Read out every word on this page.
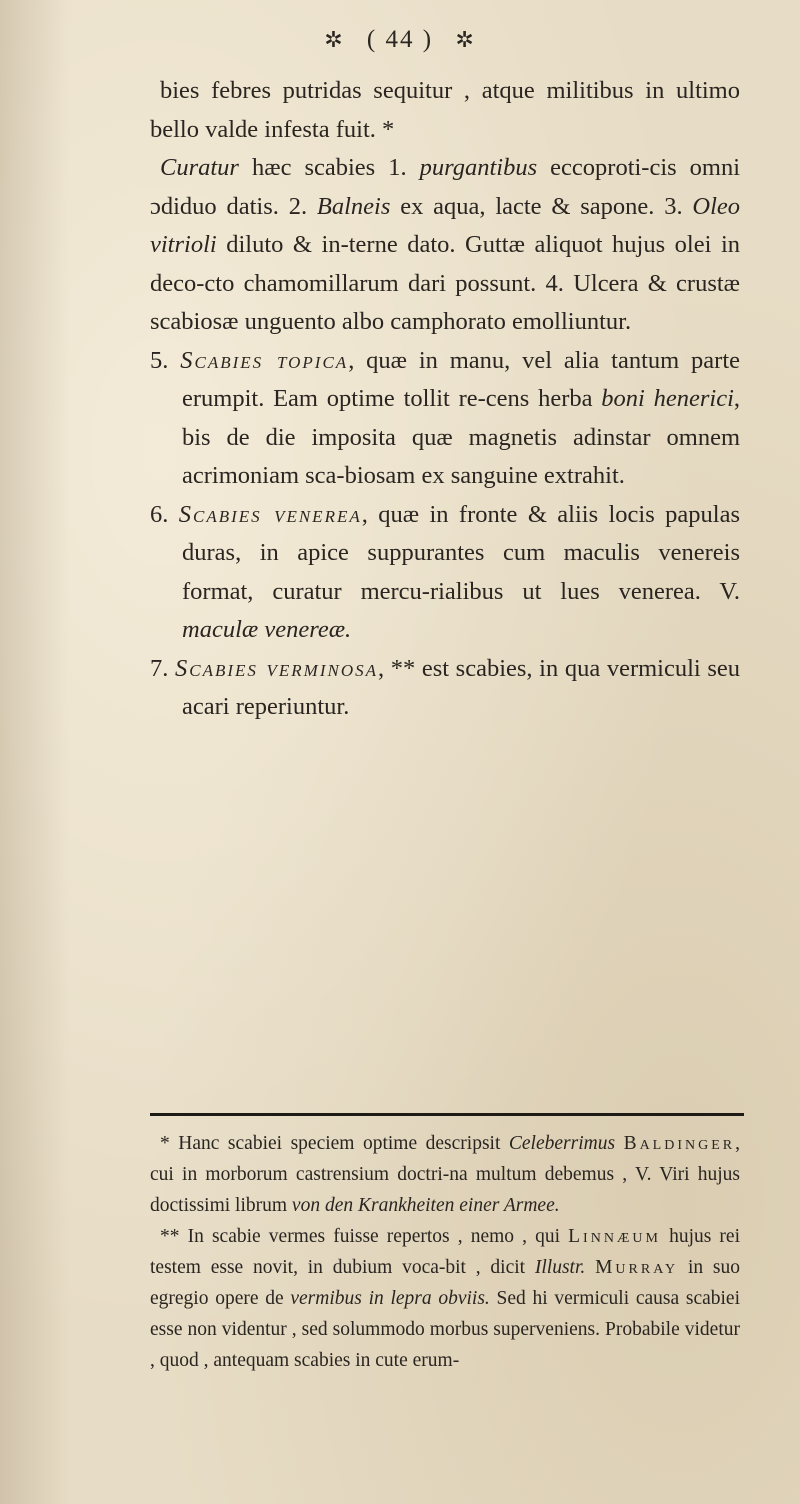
✲ ( 44 ) ✲

bies febres putridas sequitur , atque militibus in ultimo bello valde infesta fuit. *

Curatur hæc scabies 1. purgantibus eccoproti-cis omni ɔdiduo datis. 2. Balneis ex aqua, lacte & sapone. 3. Oleo vitrioli diluto & in-terne dato. Guttæ aliquot hujus olei in deco-cto chamomillarum dari possunt. 4. Ulcera & crustæ scabiosæ unguento albo camphorato emolliuntur.

5. Scabies topica, quæ in manu, vel alia tantum parte erumpit. Eam optime tollit re-cens herba boni henerici, bis de die imposita quæ magnetis adinstar omnem acrimoniam sca-biosam ex sanguine extrahit.

6. Scabies venerea, quæ in fronte & aliis locis papulas duras, in apice suppurantes cum maculis venereis format, curatur mercu-rialibus ut lues venerea. V. maculæ venereæ.

7. Scabies verminosa, ** est scabies, in qua vermiculi seu acari reperiuntur.

* Hanc scabiei speciem optime descripsit Celeberrimus Baldinger, cui in morborum castrensium doctri-na multum debemus , V. Viri hujus doctissimi librum von den Krankheiten einer Armee.

** In scabie vermes fuisse repertos , nemo , qui Linnæum hujus rei testem esse novit, in dubium voca-bit , dicit Illustr. Murray in suo egregio opere de vermibus in lepra obviis. Sed hi vermiculi causa scabiei esse non videntur , sed solummodo morbus superveniens. Probabile videtur , quod , antequam scabies in cute erum-
